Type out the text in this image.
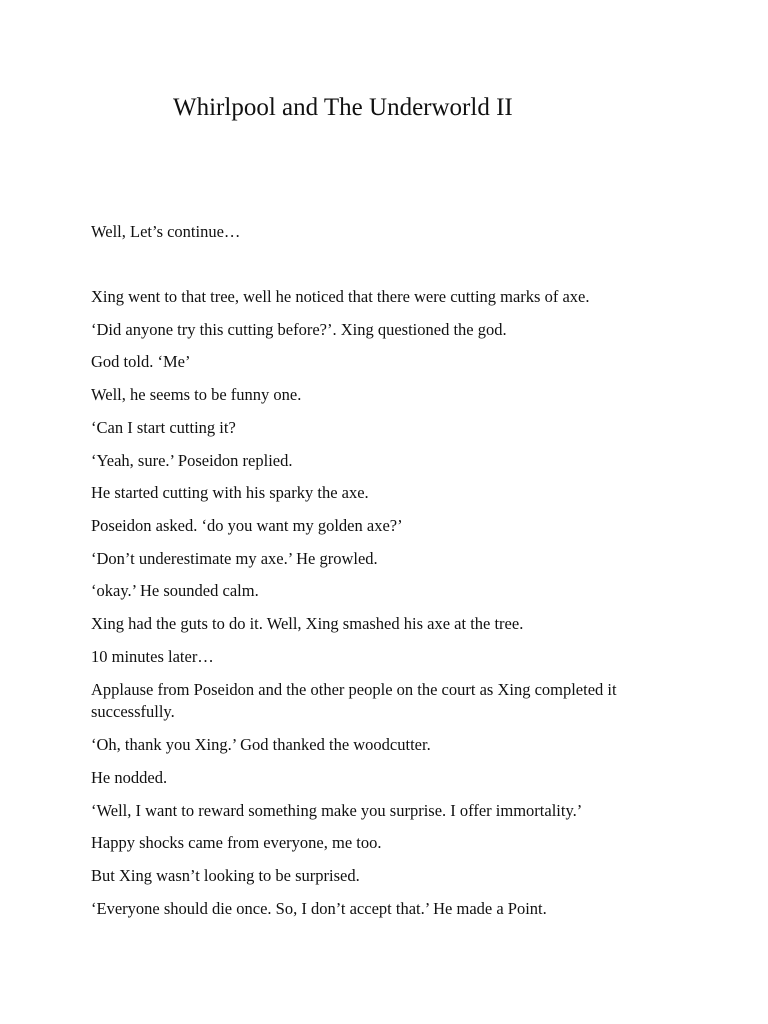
Whirlpool and The Underworld II

Well, Let’s continue…

Xing went to that tree, well he noticed that there were cutting marks of axe.

‘Did anyone try this cutting before?’. Xing questioned the god.

God told. ‘Me’

Well, he seems to be funny one.

‘Can I start cutting it?

‘Yeah, sure.’ Poseidon replied.

He started cutting with his sparky the axe.

Poseidon asked. ‘do you want my golden axe?’

‘Don’t underestimate my axe.’ He growled.

‘okay.’ He sounded calm.

Xing had the guts to do it. Well, Xing smashed his axe at the tree.

10 minutes later…

Applause from Poseidon and the other people on the court as Xing completed it successfully.

‘Oh, thank you Xing.’ God thanked the woodcutter.

He nodded.

‘Well, I want to reward something make you surprise. I offer immortality.’

Happy shocks came from everyone, me too.

But Xing wasn’t looking to be surprised.

‘Everyone should die once. So, I don’t accept that.’ He made a Point.
